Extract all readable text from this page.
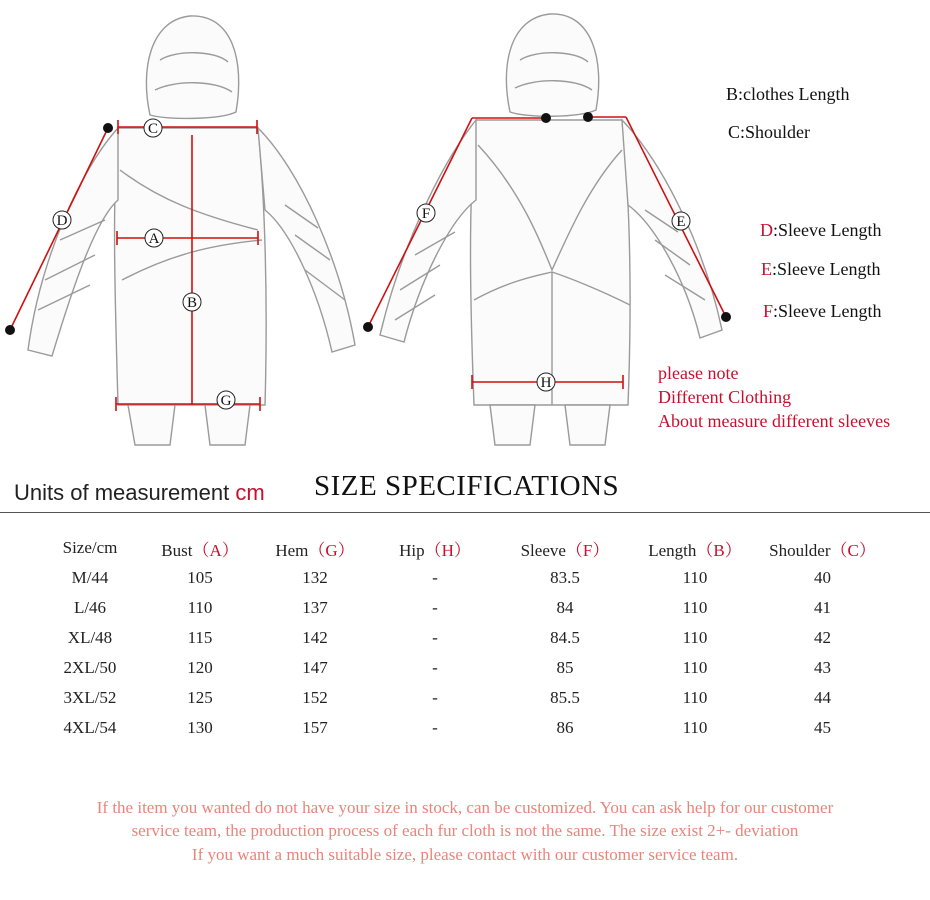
C
D
A
B
G
F	E
H
B:clothes Length
C:Shoulder
D:Sleeve Length
E:Sleeve Length
F:Sleeve Length
please note
Different Clothing
About measure different sleeves
Units of measurement cm SIZE SPECIFICATIONS
Size/cm	Bust（A）	Hem（G）	Hip（H）	Sleeve（F）	Length（B）	Shoulder（C）
M/44	105	132	-	83.5	110	40
L/46	110	137	-	84	110	41
XL/48	115	142	-	84.5	110	42
2XL/50	120	147	-	85	110	43
3XL/52	125	152	-	85.5	110	44
4XL/54	130	157	-	86	110	45
If the item you wanted do not have your size in stock, can be customized. You can ask help for our customer
service team, the production process of each fur cloth is not the same. The size exist 2+- deviation
If you want a much suitable size, please contact with our customer service team.
